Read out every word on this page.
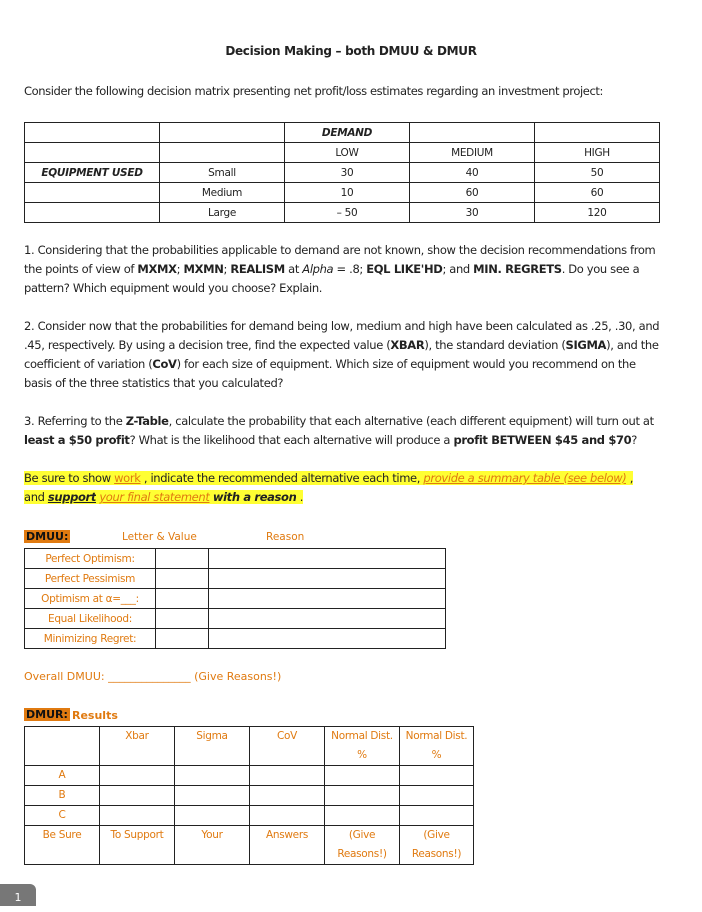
Decision Making – both DMUU & DMUR
Consider the following decision matrix presenting net profit/loss estimates regarding an investment project:
		DEMAND		
		LOW	MEDIUM	HIGH
EQUIPMENT USED	Small	30	40	50
	Medium	10	60	60
	Large	– 50	30	120
1. Considering that the probabilities applicable to demand are not known, show the decision recommendations from the points of view of MXMX; MXMN; REALISM at Alpha = .8; EQL LIKE'HD; and MIN. REGRETS. Do you see a pattern? Which equipment would you choose? Explain.
2. Consider now that the probabilities for demand being low, medium and high have been calculated as .25, .30, and .45, respectively. By using a decision tree, find the expected value (XBAR), the standard deviation (SIGMA), and the coefficient of variation (CoV) for each size of equipment. Which size of equipment would you recommend on the basis of the three statistics that you calculated?
3. Referring to the Z-Table, calculate the probability that each alternative (each different equipment) will turn out at least a $50 profit? What is the likelihood that each alternative will produce a profit BETWEEN $45 and $70?
Be sure to show work , indicate the recommended alternative each time, provide a summary table (see below) ,
and support your final statement with a reason .
DMUU:	Letter & Value	Reason
Perfect Optimism:		
Perfect Pessimism		
Optimism at α=___:		
Equal Likelihood:		
Minimizing Regret:		
Overall DMUU: _______________ (Give Reasons!)
DMUR: Results
	Xbar	Sigma	CoV	Normal Dist. %	Normal Dist. %
A					
B					
C					
Be Sure	To Support	Your	Answers	(Give Reasons!)	(Give Reasons!)
1
